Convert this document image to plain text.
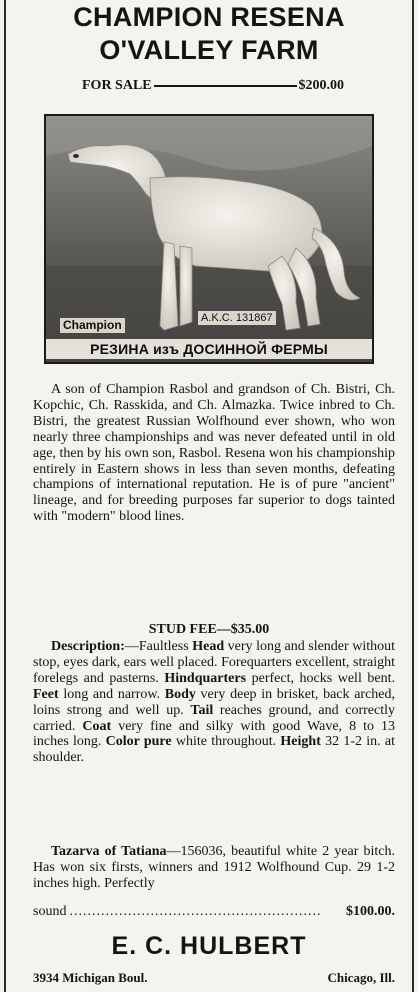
CHAMPION RESENA
O'VALLEY FARM
FOR SALE	$200.00
Champion	A.K.C. 131867
РЕЗИНА изъ ДОСИННОЙ ФЕРМЫ

A son of Champion Rasbol and grandson of Ch. Bistri, Ch. Kopchic, Ch. Rasskida, and Ch. Almazka. Twice inbred to Ch. Bistri, the greatest Russian Wolfhound ever shown, who won nearly three championships and was never defeated until in old age, then by his own son, Rasbol. Resena won his championship entirely in Eastern shows in less than seven months, defeating champions of international reputation. He is of pure "ancient" lineage, and for breeding purposes far superior to dogs tainted with "modern" blood lines.

STUD FEE—$35.00

Description:—Faultless Head very long and slender without stop, eyes dark, ears well placed. Forequarters excellent, straight forelegs and pasterns. Hindquarters perfect, hocks well bent. Feet long and narrow. Body very deep in brisket, back arched, loins strong and well up. Tail reaches ground, and correctly carried. Coat very fine and silky with good Wave, 8 to 13 inches long. Color pure white throughout. Height 32 1-2 in. at shoulder.

Tazarva of Tatiana—156036, beautiful white 2 year bitch. Has won six firsts, winners and 1912 Wolfhound Cup. 29 1-2 inches high. Perfectly

sound ........................................................	$100.00.
E. C. HULBERT
3934 Michigan Boul.	Chicago, Ill.
